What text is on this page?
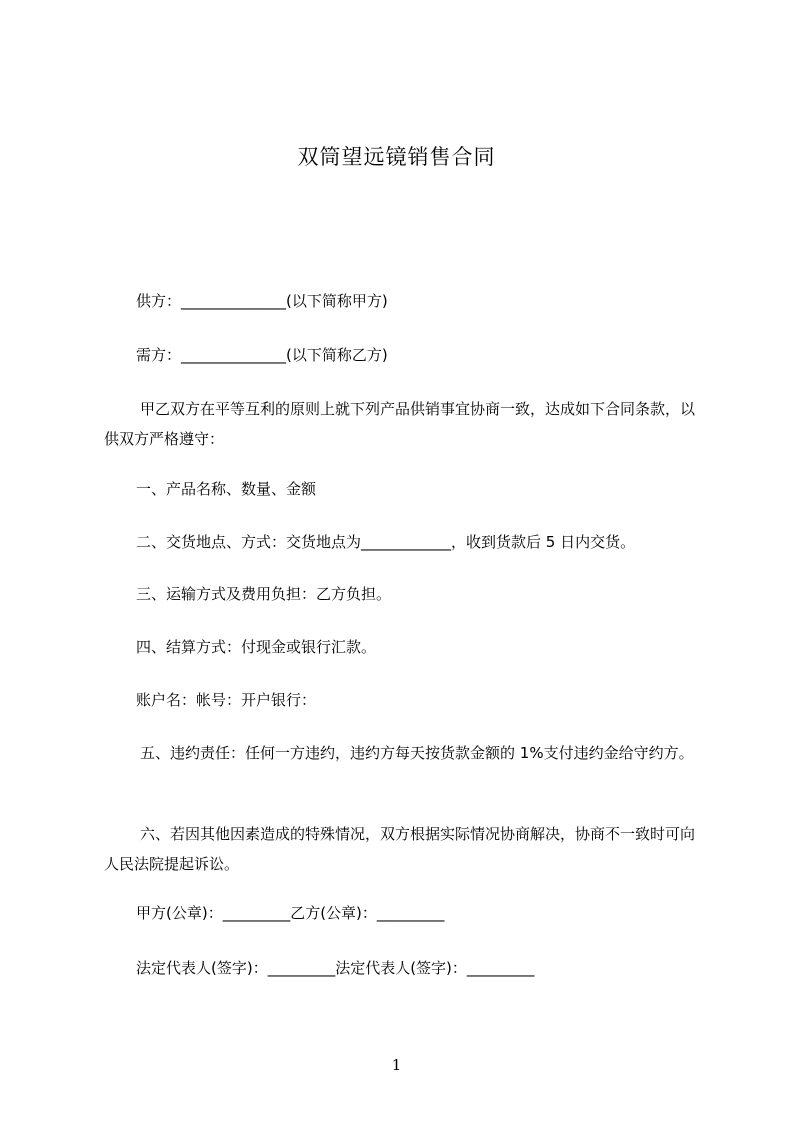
双筒望远镜销售合同
供方：______________(以下简称甲方)
需方：______________(以下简称乙方)
甲乙双方在平等互利的原则上就下列产品供销事宜协商一致，达成如下合同条款，以供双方严格遵守：
一、产品名称、数量、金额
二、交货地点、方式：交货地点为____________，收到货款后 5 日内交货。
三、运输方式及费用负担：乙方负担。
四、结算方式：付现金或银行汇款。
账户名：帐号：开户银行：
五、违约责任：任何一方违约，违约方每天按货款金额的 1%支付违约金给守约方。
六、若因其他因素造成的特殊情况，双方根据实际情况协商解决，协商不一致时可向人民法院提起诉讼。
甲方(公章)：_________乙方(公章)：_________
法定代表人(签字)：_________法定代表人(签字)：_________
1
